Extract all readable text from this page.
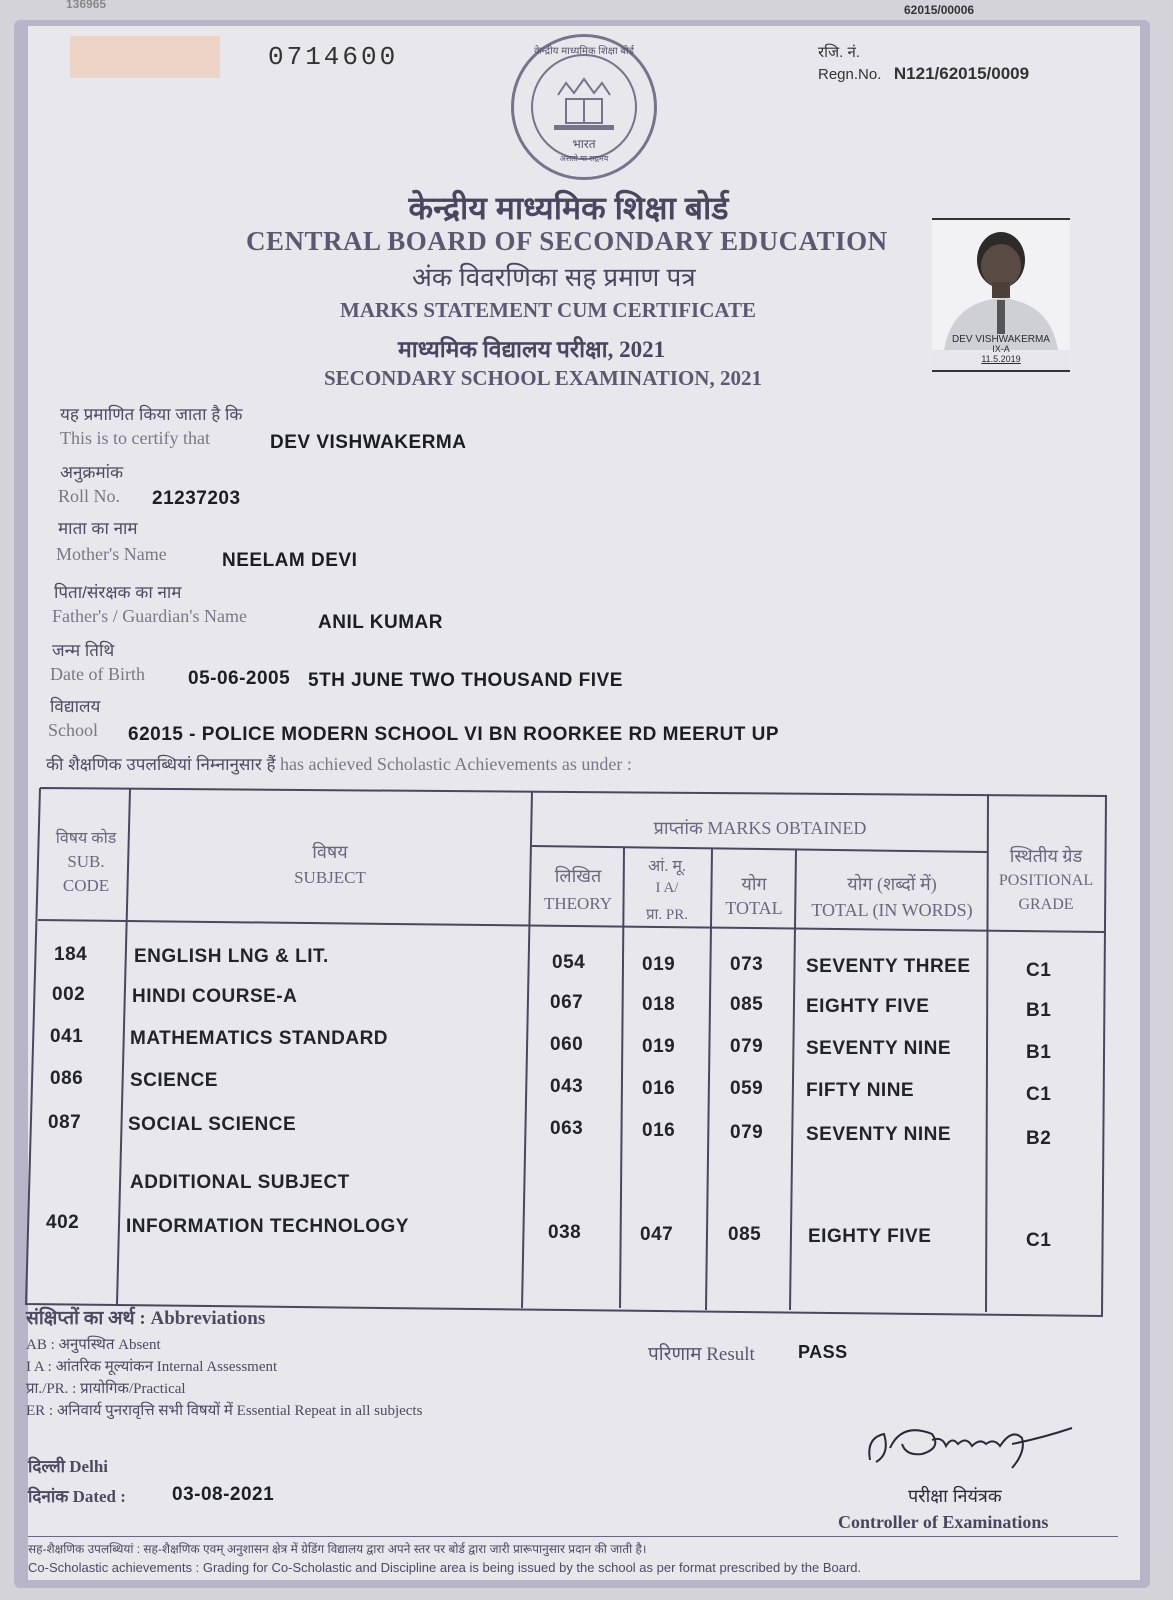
136965	62015/00006
0714600	केन्द्रीय माध्यमिक शिक्षा बोर्ड
भारत
असतो मा सद्गमय
रजि. नं.
Regn.No. N121/62015/0009
केन्द्रीय माध्यमिक शिक्षा बोर्ड
CENTRAL BOARD OF SECONDARY EDUCATION
अंक विवरणिका सह प्रमाण पत्र
MARKS STATEMENT CUM CERTIFICATE
माध्यमिक विद्यालय परीक्षा, 2021
SECONDARY SCHOOL EXAMINATION, 2021
DEV VISHWAKERMA
IX-A
11.5.2019
यह प्रमाणित किया जाता है कि
This is to certify that	DEV VISHWAKERMA
अनुक्रमांक
Roll No. 21237203
माता का नाम
Mother's Name	NEELAM DEVI
पिता/संरक्षक का नाम
Father's / Guardian's Name	ANIL KUMAR
जन्म तिथि
Date of Birth 05-06-2005 5TH JUNE TWO THOUSAND FIVE
विद्यालय
School 62015 - POLICE MODERN SCHOOL VI BN ROORKEE RD MEERUT UP
की शैक्षणिक उपलब्धियां निम्नानुसार हैं has achieved Scholastic Achievements as under :
विषय कोड
SUB.
CODE
विषय
SUBJECT
प्राप्तांक MARKS OBTAINED
लिखित
THEORY
आं. मू.
I A/
प्रा. PR.
योग
TOTAL
योग (शब्दों में)
TOTAL (IN WORDS)
स्थितीय ग्रेड
POSITIONAL
GRADE
184 ENGLISH LNG & LIT.	054	019	073 SEVENTY THREE	C1
002 HINDI COURSE-A	067	018	085 EIGHTY FIVE	B1
041 MATHEMATICS STANDARD	060	019	079 SEVENTY NINE	B1
086 SCIENCE	043	016	059 FIFTY NINE	C1
087 SOCIAL SCIENCE	063	016	079 SEVENTY NINE	B2
ADDITIONAL SUBJECT
402 INFORMATION TECHNOLOGY	038	047	085 EIGHTY FIVE	C1
संक्षिप्तों का अर्थ : Abbreviations
AB : अनुपस्थित Absent
I A : आंतरिक मूल्यांकन Internal Assessment
प्रा./PR. : प्रायोगिक/Practical
ER : अनिवार्य पुनरावृत्ति सभी विषयों में Essential Repeat in all subjects
परिणाम Result PASS
दिल्ली Delhi
दिनांक Dated : 03-08-2021	परीक्षा नियंत्रक
Controller of Examinations
सह-शैक्षणिक उपलब्धियां : सह-शैक्षणिक एवम् अनुशासन क्षेत्र में ग्रेडिंग विद्यालय द्वारा अपने स्तर पर बोर्ड द्वारा जारी प्रारूपानुसार प्रदान की जाती है।
Co-Scholastic achievements : Grading for Co-Scholastic and Discipline area is being issued by the school as per format prescribed by the Board.
